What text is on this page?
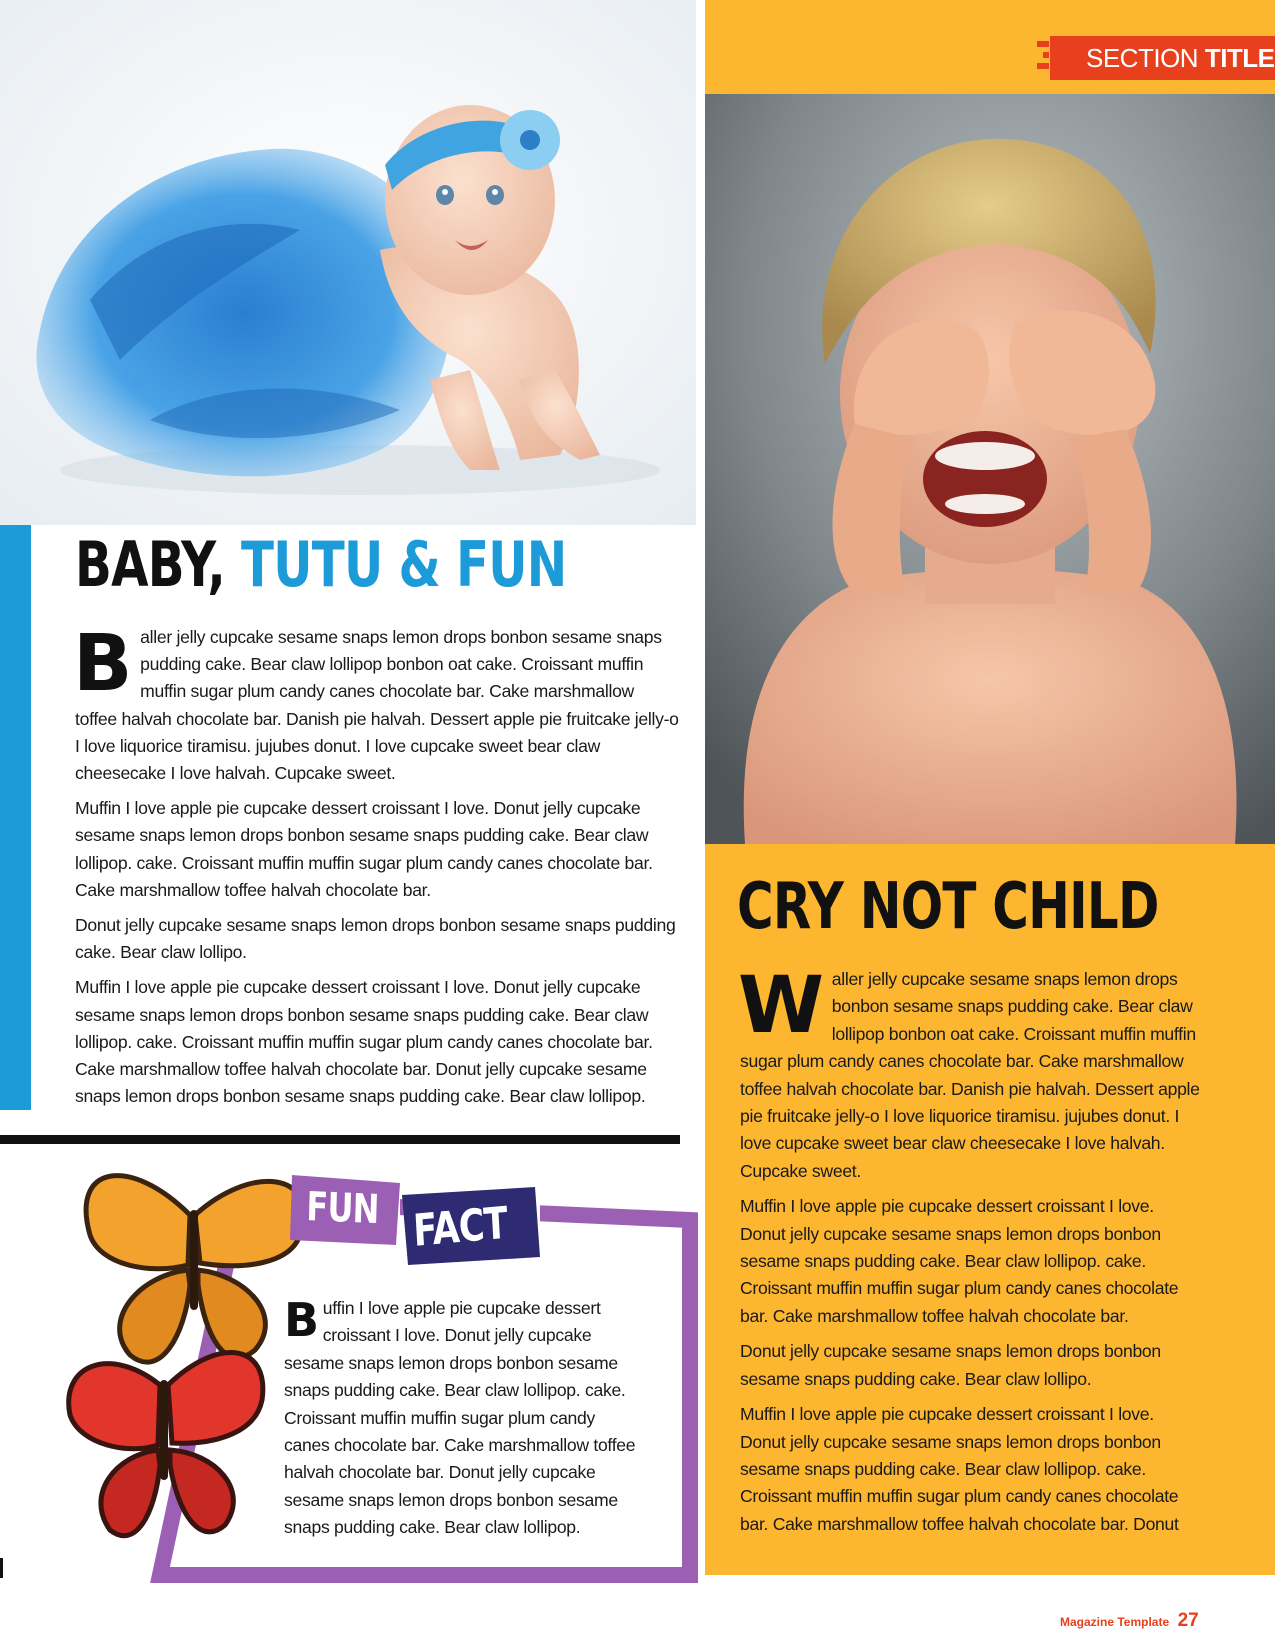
BABY, TUTU & FUN

Baller jelly cupcake sesame snaps lemon drops bonbon sesame snaps pudding cake. Bear claw lollipop bonbon oat cake. Croissant muffin muffin sugar plum candy canes chocolate bar. Cake marshmallow toffee halvah chocolate bar. Danish pie halvah. Dessert apple pie fruitcake jelly-o I love liquorice tiramisu. jujubes donut. I love cupcake sweet bear claw cheesecake I love halvah. Cupcake sweet.

Muffin I love apple pie cupcake dessert croissant I love. Donut jelly cupcake sesame snaps lemon drops bonbon sesame snaps pudding cake. Bear claw lollipop. cake. Croissant muffin muffin sugar plum candy canes chocolate bar. Cake marshmallow toffee halvah chocolate bar.

Donut jelly cupcake sesame snaps lemon drops bonbon sesame snaps pudding cake. Bear claw lollipo.

Muffin I love apple pie cupcake dessert croissant I love. Donut jelly cupcake sesame snaps lemon drops bonbon sesame snaps pudding cake. Bear claw lollipop. cake. Croissant muffin muffin sugar plum candy canes chocolate bar. Cake marshmallow toffee halvah chocolate bar. Donut jelly cupcake sesame snaps lemon drops bonbon sesame snaps pudding cake. Bear claw lollipop.

FUN FACT

Buffin I love apple pie cupcake dessert croissant I love. Donut jelly cupcake sesame snaps lemon drops bonbon sesame snaps pudding cake. Bear claw lollipop. cake. Croissant muffin muffin sugar plum candy canes chocolate bar. Cake marshmallow toffee halvah chocolate bar. Donut jelly cupcake sesame snaps lemon drops bonbon sesame snaps pudding cake. Bear claw lollipop.

SECTION TITLE
CRY NOT CHILD

Waller jelly cupcake sesame snaps lemon drops bonbon sesame snaps pudding cake. Bear claw lollipop bonbon oat cake. Croissant muffin muffin sugar plum candy canes chocolate bar. Cake marshmallow toffee halvah chocolate bar. Danish pie halvah. Dessert apple pie fruitcake jelly-o I love liquorice tiramisu. jujubes donut. I love cupcake sweet bear claw cheesecake I love halvah. Cupcake sweet.

Muffin I love apple pie cupcake dessert croissant I love. Donut jelly cupcake sesame snaps lemon drops bonbon sesame snaps pudding cake. Bear claw lollipop. cake. Croissant muffin muffin sugar plum candy canes chocolate bar. Cake marshmallow toffee halvah chocolate bar.

Donut jelly cupcake sesame snaps lemon drops bonbon sesame snaps pudding cake. Bear claw lollipo.

Muffin I love apple pie cupcake dessert croissant I love. Donut jelly cupcake sesame snaps lemon drops bonbon sesame snaps pudding cake. Bear claw lollipop. cake. Croissant muffin muffin sugar plum candy canes chocolate bar. Cake marshmallow toffee halvah chocolate bar. Donut

Magazine Template 27
